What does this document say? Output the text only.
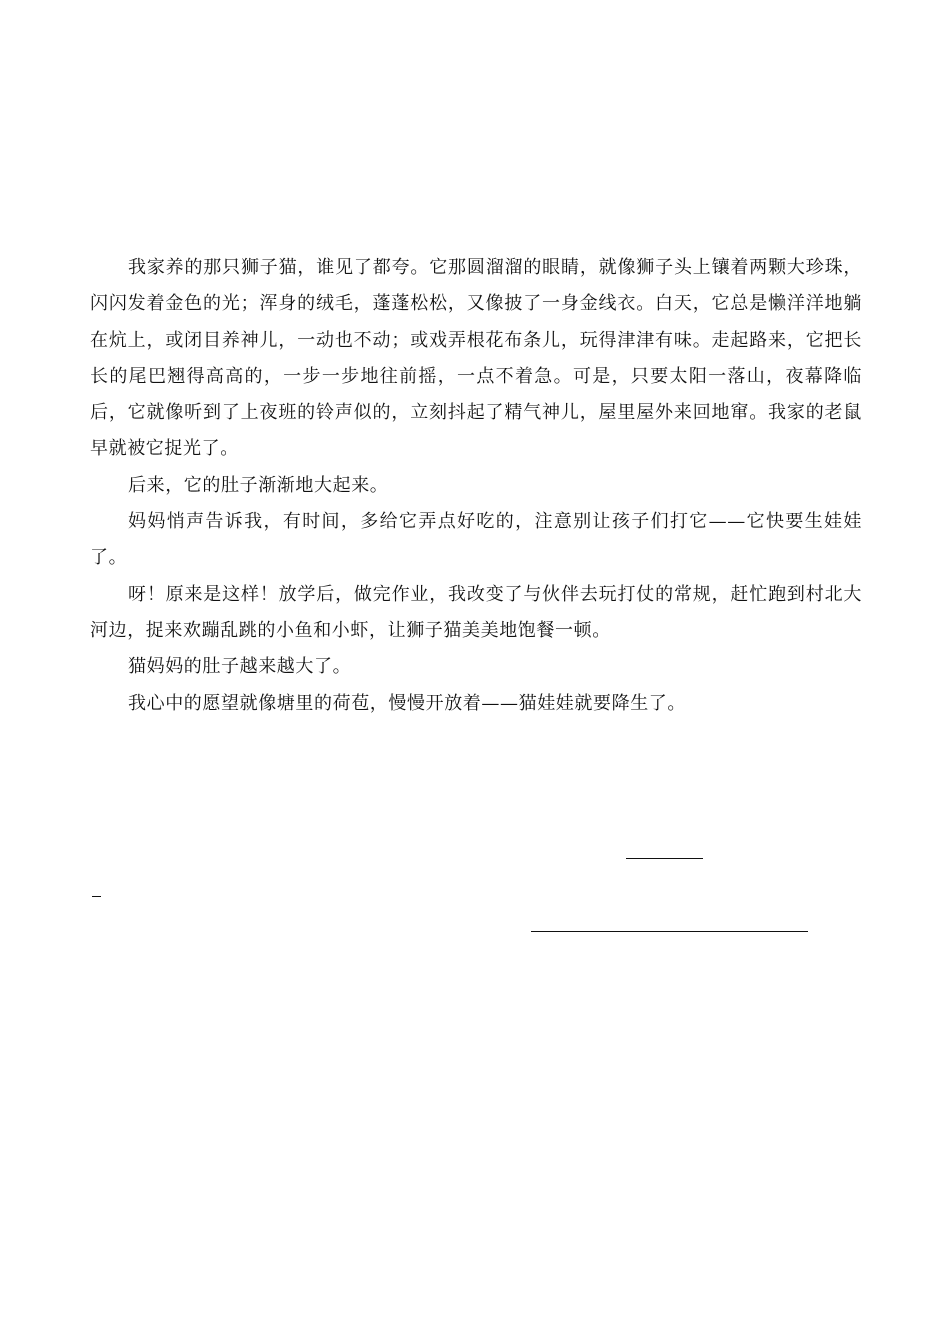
我家养的那只狮子猫，谁见了都夸。它那圆溜溜的眼睛，就像狮子头上镶着两颗大珍珠，闪闪发着金色的光；浑身的绒毛，蓬蓬松松，又像披了一身金线衣。白天，它总是懒洋洋地躺在炕上，或闭目养神儿，一动也不动；或戏弄根花布条儿，玩得津津有味。走起路来，它把长长的尾巴翘得高高的，一步一步地往前摇，一点不着急。可是，只要太阳一落山，夜幕降临后，它就像听到了上夜班的铃声似的，立刻抖起了精气神儿，屋里屋外来回地窜。我家的老鼠早就被它捉光了。

后来，它的肚子渐渐地大起来。

妈妈悄声告诉我，有时间，多给它弄点好吃的，注意别让孩子们打它——它快要生娃娃了。

呀！原来是这样！放学后，做完作业，我改变了与伙伴去玩打仗的常规，赶忙跑到村北大河边，捉来欢蹦乱跳的小鱼和小虾，让狮子猫美美地饱餐一顿。

猫妈妈的肚子越来越大了。

我心中的愿望就像塘里的荷苞，慢慢开放着——猫娃娃就要降生了。
